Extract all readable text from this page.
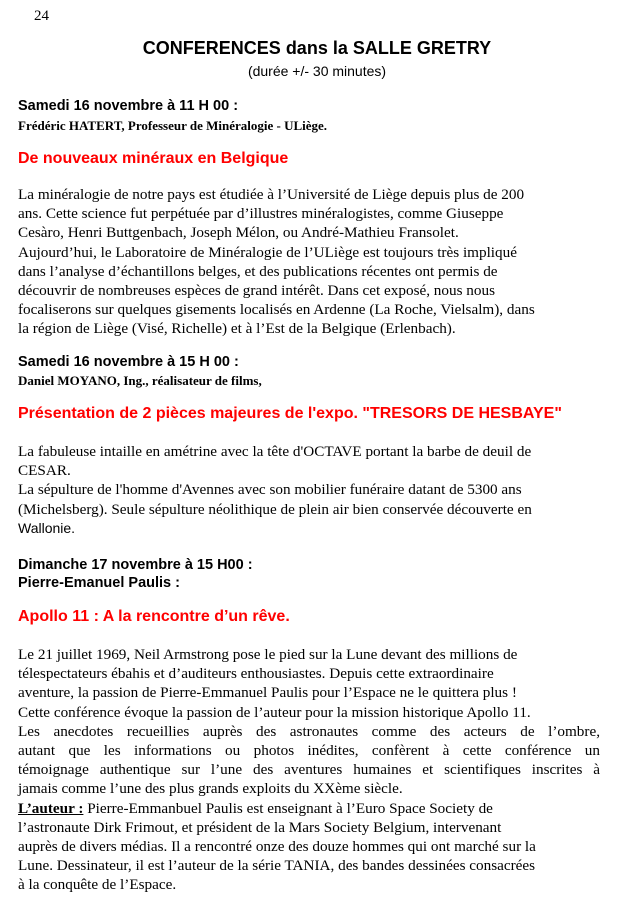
24
CONFERENCES dans la SALLE GRETRY
(durée +/- 30 minutes)
Samedi 16 novembre à 11 H 00 :
Frédéric HATERT, Professeur de Minéralogie - ULiège.
De nouveaux minéraux en Belgique

La minéralogie de notre pays est étudiée à l’Université de Liège depuis plus de 200

ans. Cette science fut perpétuée par d’illustres minéralogistes, comme Giuseppe

Cesàro, Henri Buttgenbach, Joseph Mélon, ou André-Mathieu Fransolet.

Aujourd’hui, le Laboratoire de Minéralogie de l’ULiège est toujours très impliqué

dans l’analyse d’échantillons belges, et des publications récentes ont permis de

découvrir de nombreuses espèces de grand intérêt. Dans cet exposé, nous nous

focaliserons sur quelques gisements localisés en Ardenne (La Roche, Vielsalm), dans

la région de Liège (Visé, Richelle) et à l’Est de la Belgique (Erlenbach).

Samedi 16 novembre à 15 H 00 :
Daniel MOYANO, Ing., réalisateur de films,
Présentation de 2 pièces majeures de l'expo. "TRESORS DE HESBAYE"

La fabuleuse intaille en amétrine avec la tête d'OCTAVE portant la barbe de deuil de

CESAR.

La sépulture de l'homme d'Avennes avec son mobilier funéraire datant de 5300 ans

(Michelsberg). Seule sépulture néolithique de plein air bien conservée découverte en

Wallonie.

Dimanche 17 novembre à 15 H00 :
Pierre-Emanuel Paulis :
Apollo 11 : A la rencontre d’un rêve.

Le 21 juillet 1969, Neil Armstrong pose le pied sur la Lune devant des millions de

télespectateurs ébahis et d’auditeurs enthousiastes. Depuis cette extraordinaire

aventure, la passion de Pierre-Emmanuel Paulis pour l’Espace ne le quittera plus !

Cette conférence évoque la passion de l’auteur pour la mission historique Apollo 11.

Les anecdotes recueillies auprès des astronautes comme des acteurs de l’ombre,

autant que les informations ou photos inédites, confèrent à cette conférence un

témoignage authentique sur l’une des aventures humaines et scientifiques inscrites à

jamais comme l’une des plus grands exploits du XXème siècle.

L’auteur : Pierre-Emmanbuel Paulis est enseignant à l’Euro Space Society de

l’astronaute Dirk Frimout, et président de la Mars Society Belgium, intervenant

auprès de divers médias. Il a rencontré onze des douze hommes qui ont marché sur la

Lune. Dessinateur, il est l’auteur de la série TANIA, des bandes dessinées consacrées

à la conquête de l’Espace.
